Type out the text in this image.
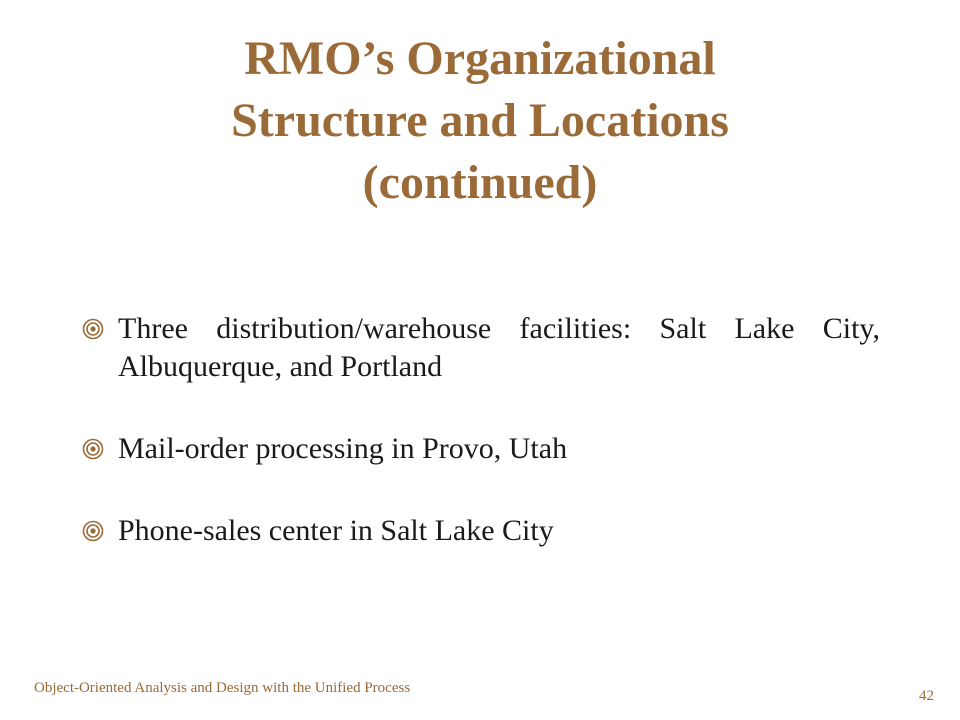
RMO’s Organizational
Structure and Locations
(continued)
Three distribution/warehouse facilities: Salt Lake City, Albuquerque, and Portland
Mail-order processing in Provo, Utah
Phone-sales center in Salt Lake City
Object-Oriented Analysis and Design with the Unified Process	42
